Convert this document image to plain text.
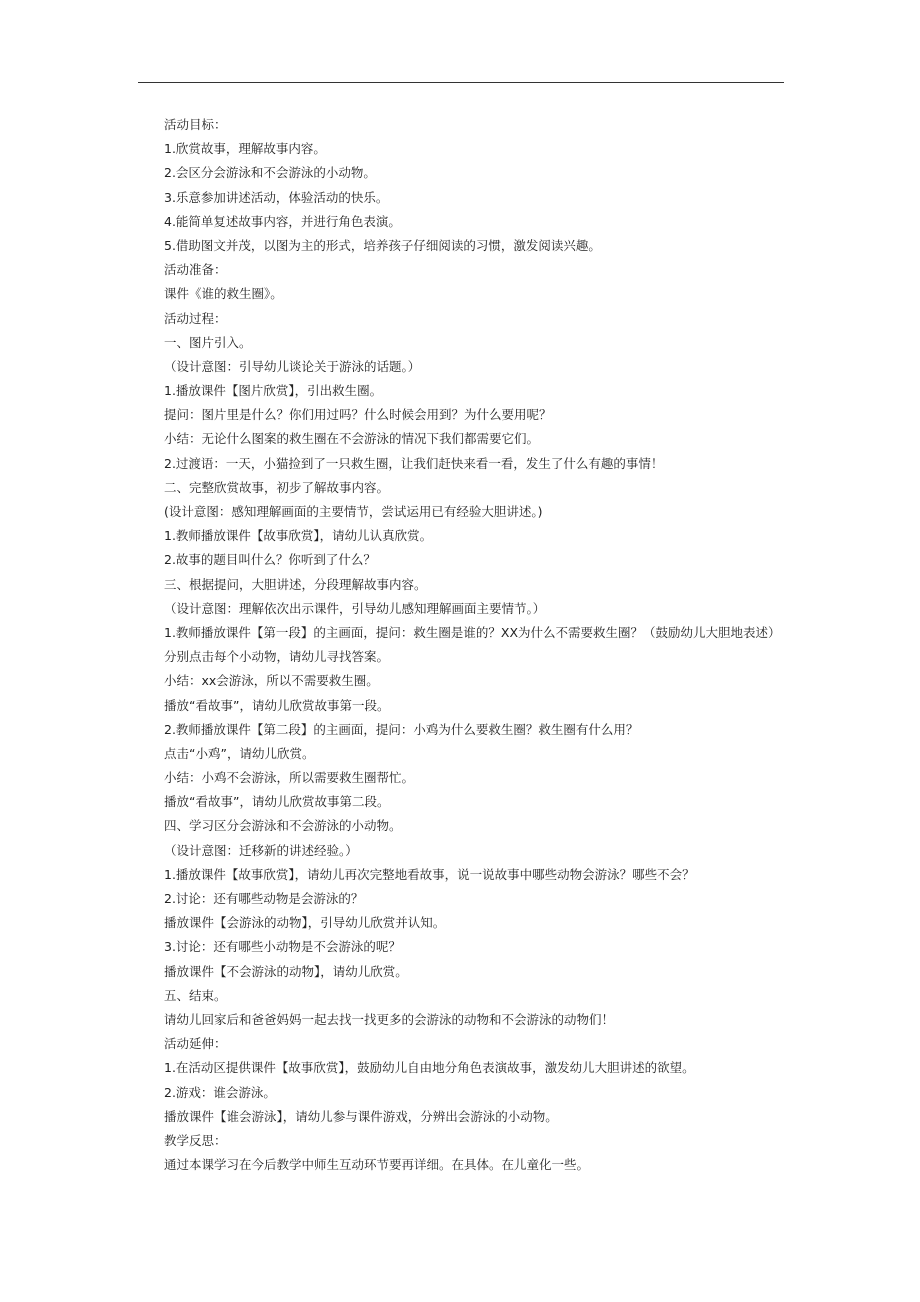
活动目标：
1.欣赏故事，理解故事内容。
2.会区分会游泳和不会游泳的小动物。
3.乐意参加讲述活动，体验活动的快乐。
4.能简单复述故事内容，并进行角色表演。
5.借助图文并茂，以图为主的形式，培养孩子仔细阅读的习惯，激发阅读兴趣。
活动准备：
课件《谁的救生圈》。
活动过程：
一、图片引入。
（设计意图：引导幼儿谈论关于游泳的话题。）
1.播放课件【图片欣赏】，引出救生圈。
提问：图片里是什么？你们用过吗？什么时候会用到？为什么要用呢？
小结：无论什么图案的救生圈在不会游泳的情况下我们都需要它们。
2.过渡语：一天，小猫捡到了一只救生圈，让我们赶快来看一看，发生了什么有趣的事情！
二、完整欣赏故事，初步了解故事内容。
(设计意图：感知理解画面的主要情节，尝试运用已有经验大胆讲述。)
1.教师播放课件【故事欣赏】，请幼儿认真欣赏。
2.故事的题目叫什么？你听到了什么？
三、根据提问，大胆讲述，分段理解故事内容。
（设计意图：理解依次出示课件，引导幼儿感知理解画面主要情节。）
1.教师播放课件【第一段】的主画面，提问：救生圈是谁的？XX为什么不需要救生圈？（鼓励幼儿大胆地表述）
分别点击每个小动物，请幼儿寻找答案。
小结：xx会游泳，所以不需要救生圈。
播放“看故事”，请幼儿欣赏故事第一段。
2.教师播放课件【第二段】的主画面，提问：小鸡为什么要救生圈？救生圈有什么用？
点击“小鸡”，请幼儿欣赏。
小结：小鸡不会游泳，所以需要救生圈帮忙。
播放“看故事”，请幼儿欣赏故事第二段。
四、学习区分会游泳和不会游泳的小动物。
（设计意图：迁移新的讲述经验。）
1.播放课件【故事欣赏】，请幼儿再次完整地看故事，说一说故事中哪些动物会游泳？哪些不会？
2.讨论：还有哪些动物是会游泳的？
播放课件【会游泳的动物】，引导幼儿欣赏并认知。
3.讨论：还有哪些小动物是不会游泳的呢？
播放课件【不会游泳的动物】，请幼儿欣赏。
五、结束。
请幼儿回家后和爸爸妈妈一起去找一找更多的会游泳的动物和不会游泳的动物们！
活动延伸：
1.在活动区提供课件【故事欣赏】，鼓励幼儿自由地分角色表演故事，激发幼儿大胆讲述的欲望。
2.游戏：谁会游泳。
播放课件【谁会游泳】，请幼儿参与课件游戏，分辨出会游泳的小动物。
教学反思：
通过本课学习在今后教学中师生互动环节要再详细。在具体。在儿童化一些。
